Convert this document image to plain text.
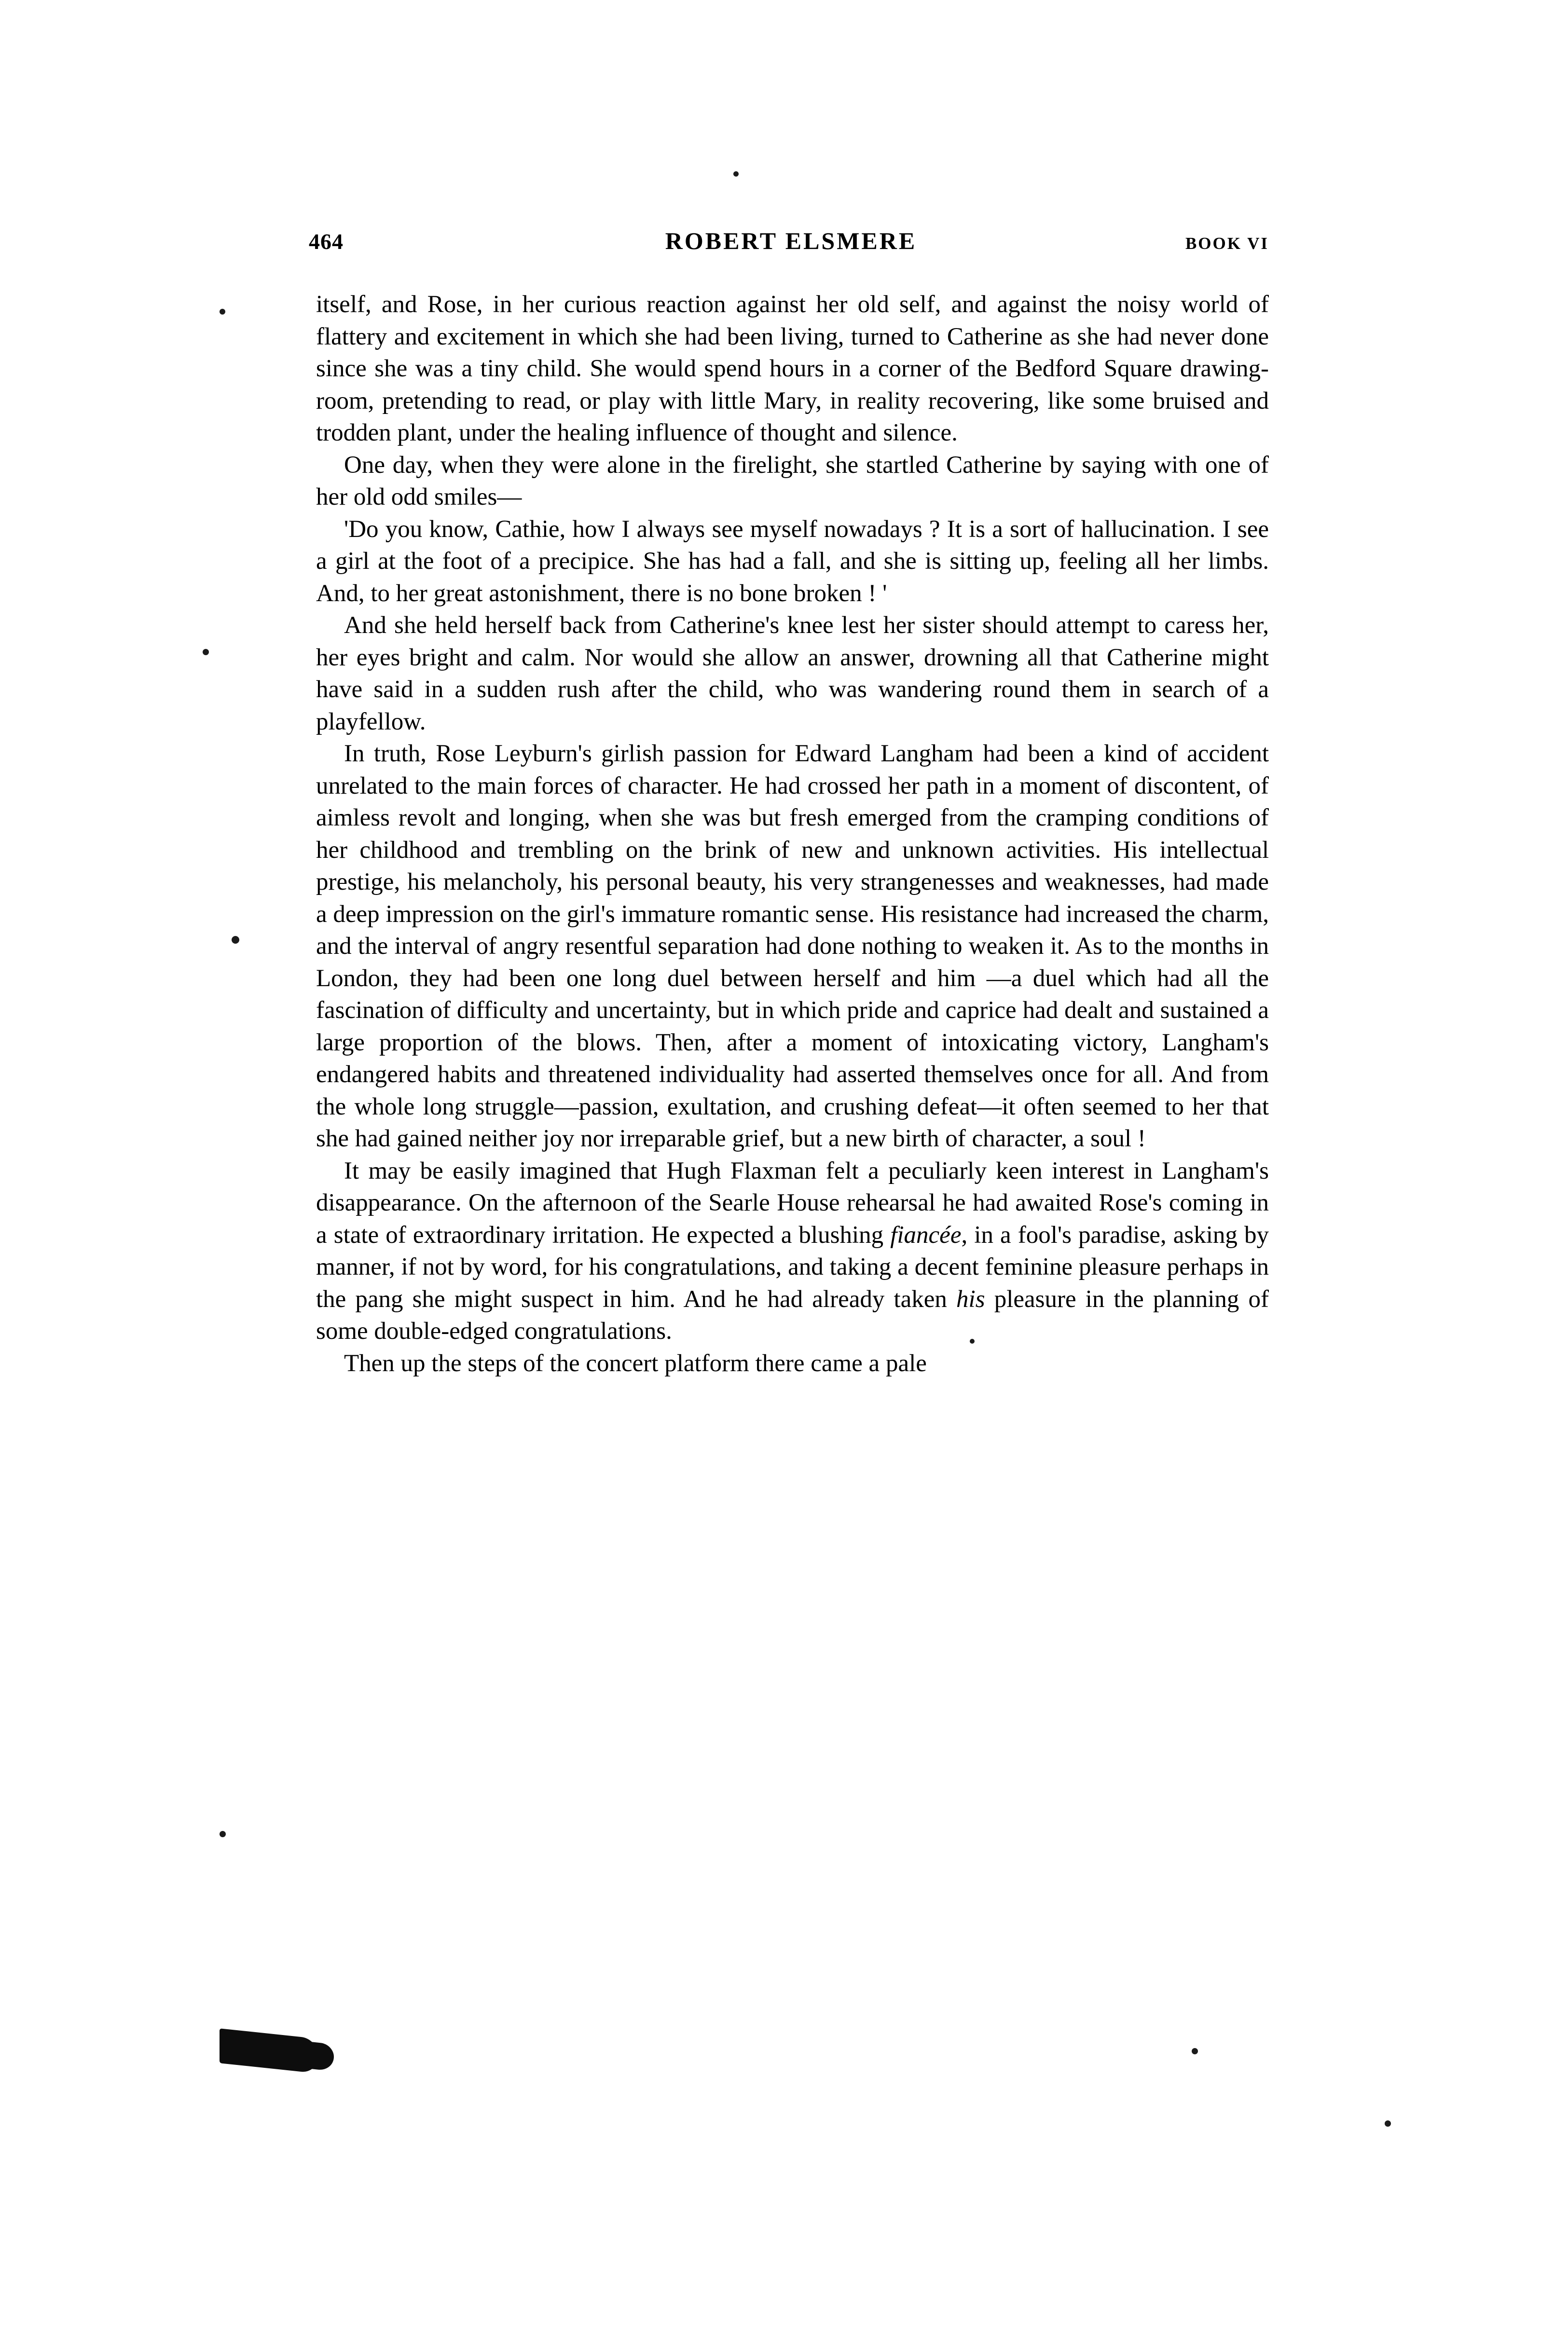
464	ROBERT ELSMERE	BOOK VI

itself, and Rose, in her curious reaction against her old self, and against the noisy world of flattery and excitement in which she had been living, turned to Catherine as she had never done since she was a tiny child. She would spend hours in a corner of the Bedford Square drawing-room, pretending to read, or play with little Mary, in reality recovering, like some bruised and trodden plant, under the healing influence of thought and silence.

One day, when they were alone in the firelight, she startled Catherine by saying with one of her old odd smiles—

'Do you know, Cathie, how I always see myself nowadays ? It is a sort of hallucination. I see a girl at the foot of a precipice. She has had a fall, and she is sitting up, feeling all her limbs. And, to her great astonishment, there is no bone broken ! '

And she held herself back from Catherine's knee lest her sister should attempt to caress her, her eyes bright and calm. Nor would she allow an answer, drowning all that Catherine might have said in a sudden rush after the child, who was wandering round them in search of a playfellow.

In truth, Rose Leyburn's girlish passion for Edward Langham had been a kind of accident unrelated to the main forces of character. He had crossed her path in a moment of discontent, of aimless revolt and longing, when she was but fresh emerged from the cramping conditions of her childhood and trembling on the brink of new and unknown activities. His intellectual prestige, his melancholy, his personal beauty, his very strangenesses and weaknesses, had made a deep impression on the girl's immature romantic sense. His resistance had increased the charm, and the interval of angry resentful separation had done nothing to weaken it. As to the months in London, they had been one long duel between herself and him —a duel which had all the fascination of difficulty and uncertainty, but in which pride and caprice had dealt and sustained a large proportion of the blows. Then, after a moment of intoxicating victory, Langham's endangered habits and threatened individuality had asserted themselves once for all. And from the whole long struggle—passion, exultation, and crushing defeat—it often seemed to her that she had gained neither joy nor irreparable grief, but a new birth of character, a soul !

It may be easily imagined that Hugh Flaxman felt a peculiarly keen interest in Langham's disappearance. On the afternoon of the Searle House rehearsal he had awaited Rose's coming in a state of extraordinary irritation. He expected a blushing fiancée, in a fool's paradise, asking by manner, if not by word, for his congratulations, and taking a decent feminine pleasure perhaps in the pang she might suspect in him. And he had already taken his pleasure in the planning of some double-edged congratulations.

Then up the steps of the concert platform there came a pale
